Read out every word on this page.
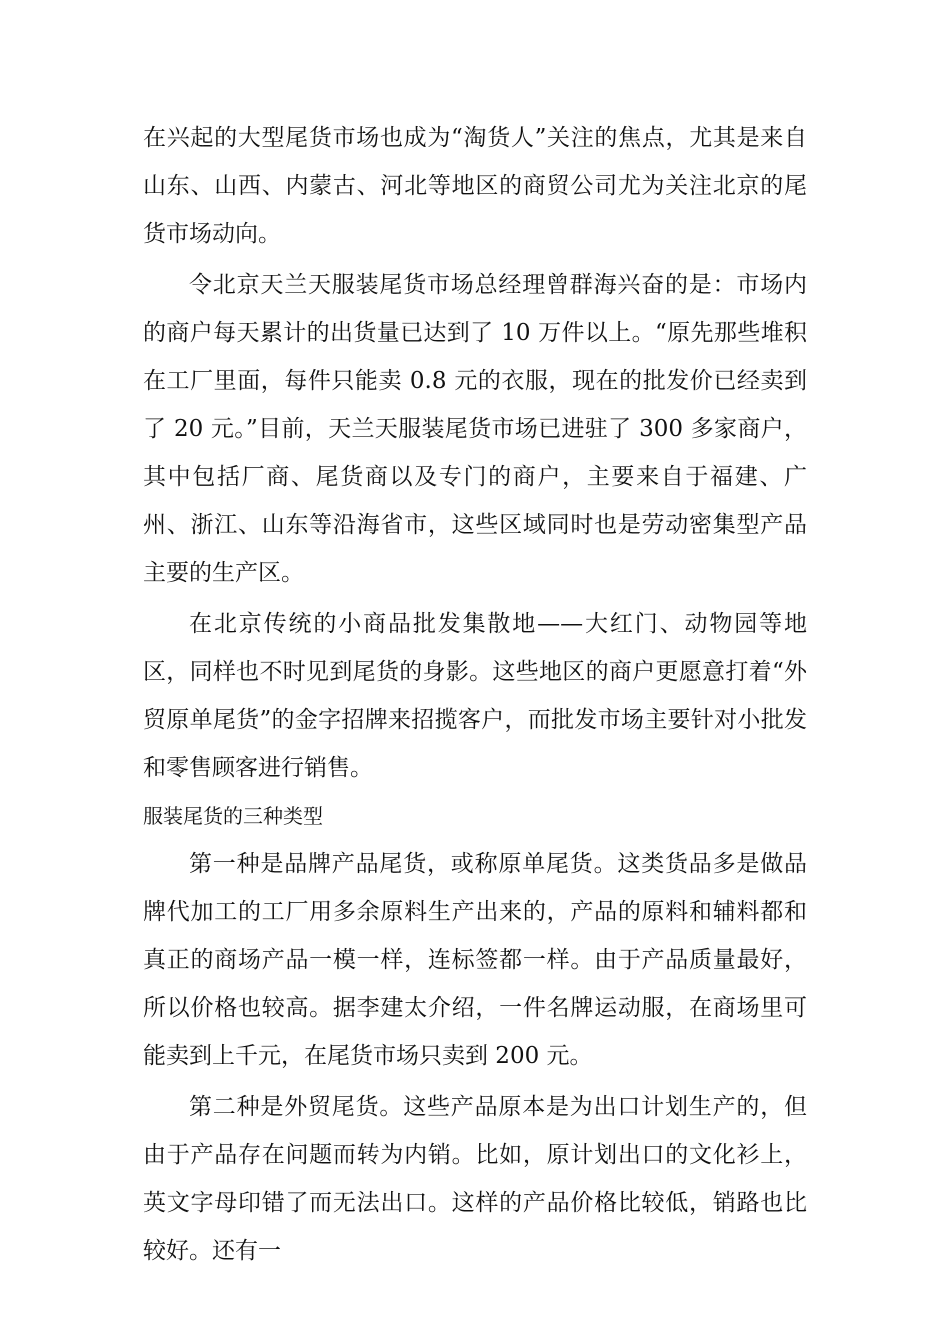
在兴起的大型尾货市场也成为“淘货人”关注的焦点，尤其是来自山东、山西、内蒙古、河北等地区的商贸公司尤为关注北京的尾货市场动向。

令北京天兰天服装尾货市场总经理曾群海兴奋的是：市场内的商户每天累计的出货量已达到了 10 万件以上。“原先那些堆积在工厂里面，每件只能卖 0.8 元的衣服，现在的批发价已经卖到了 20 元。”目前，天兰天服装尾货市场已进驻了 300 多家商户，其中包括厂商、尾货商以及专门的商户，主要来自于福建、广州、浙江、山东等沿海省市，这些区域同时也是劳动密集型产品主要的生产区。

在北京传统的小商品批发集散地——大红门、动物园等地区，同样也不时见到尾货的身影。这些地区的商户更愿意打着“外贸原单尾货”的金字招牌来招揽客户，而批发市场主要针对小批发和零售顾客进行销售。

服装尾货的三种类型

第一种是品牌产品尾货，或称原单尾货。这类货品多是做品牌代加工的工厂用多余原料生产出来的，产品的原料和辅料都和真正的商场产品一模一样，连标签都一样。由于产品质量最好，所以价格也较高。据李建太介绍，一件名牌运动服，在商场里可能卖到上千元，在尾货市场只卖到 200 元。

第二种是外贸尾货。这些产品原本是为出口计划生产的，但由于产品存在问题而转为内销。比如，原计划出口的文化衫上，英文字母印错了而无法出口。这样的产品价格比较低，销路也比较好。还有一
